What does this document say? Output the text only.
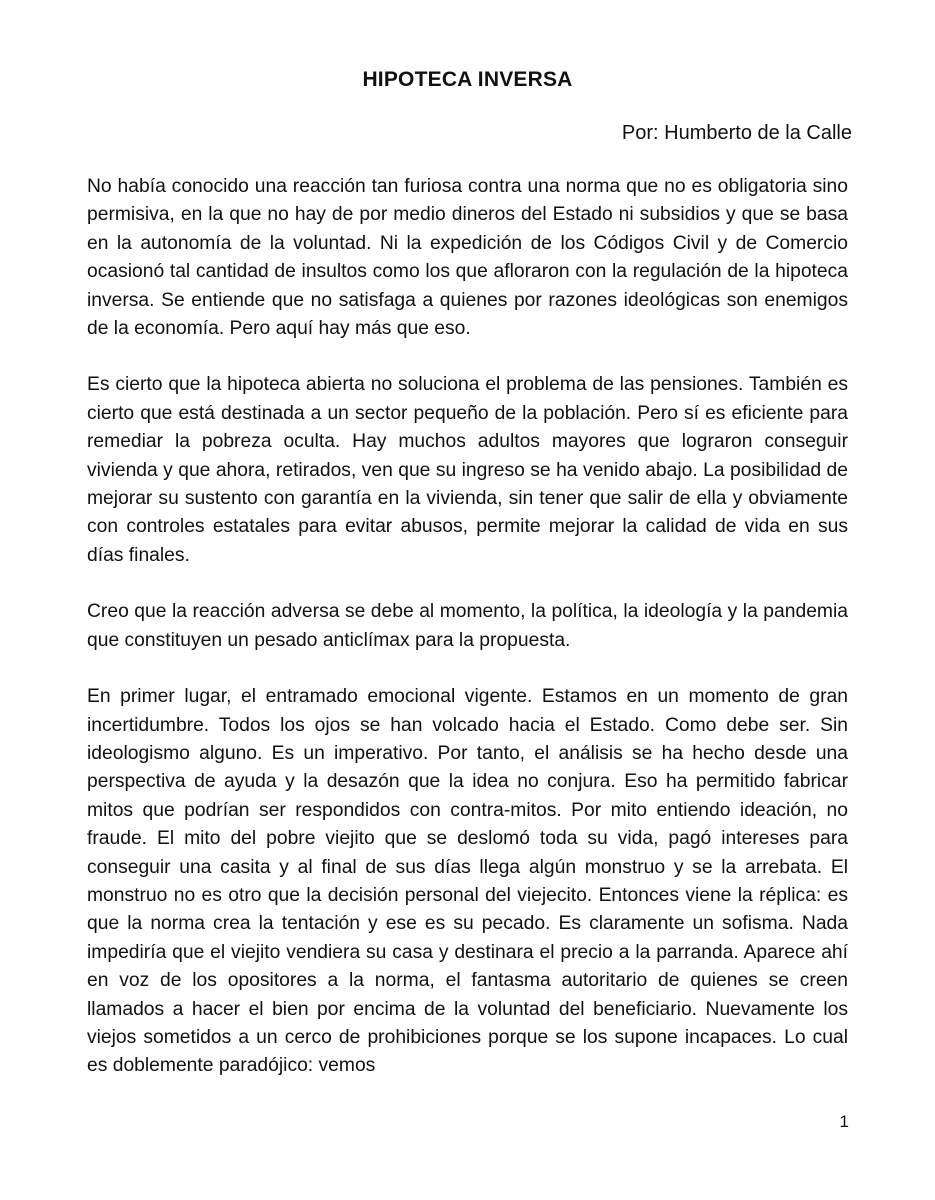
HIPOTECA INVERSA
Por: Humberto de la Calle

No había conocido una reacción tan furiosa contra una norma que no es obligatoria sino permisiva, en la que no hay de por medio dineros del Estado ni subsidios y que se basa en la autonomía de la voluntad. Ni la expedición de los Códigos Civil y de Comercio ocasionó tal cantidad de insultos como los que afloraron con la regulación de la hipoteca inversa. Se entiende que no satisfaga a quienes por razones ideológicas son enemigos de la economía. Pero aquí hay más que eso.

Es cierto que la hipoteca abierta no soluciona el problema de las pensiones. También es cierto que está destinada a un sector pequeño de la población. Pero sí es eficiente para remediar la pobreza oculta. Hay muchos adultos mayores que lograron conseguir vivienda y que ahora, retirados, ven que su ingreso se ha venido abajo. La posibilidad de mejorar su sustento con garantía en la vivienda, sin tener que salir de ella y obviamente con controles estatales para evitar abusos, permite mejorar la calidad de vida en sus días finales.

Creo que la reacción adversa se debe al momento, la política, la ideología y la pandemia que constituyen un pesado anticlímax para la propuesta.

En primer lugar, el entramado emocional vigente. Estamos en un momento de gran incertidumbre. Todos los ojos se han volcado hacia el Estado. Como debe ser. Sin ideologismo alguno. Es un imperativo. Por tanto, el análisis se ha hecho desde una perspectiva de ayuda y la desazón que la idea no conjura. Eso ha permitido fabricar mitos que podrían ser respondidos con contra-mitos. Por mito entiendo ideación, no fraude. El mito del pobre viejito que se deslomó toda su vida, pagó intereses para conseguir una casita y al final de sus días llega algún monstruo y se la arrebata. El monstruo no es otro que la decisión personal del viejecito. Entonces viene la réplica: es que la norma crea la tentación y ese es su pecado. Es claramente un sofisma. Nada impediría que el viejito vendiera su casa y destinara el precio a la parranda. Aparece ahí en voz de los opositores a la norma, el fantasma autoritario de quienes se creen llamados a hacer el bien por encima de la voluntad del beneficiario. Nuevamente los viejos sometidos a un cerco de prohibiciones porque se los supone incapaces. Lo cual es doblemente paradójico: vemos

1
